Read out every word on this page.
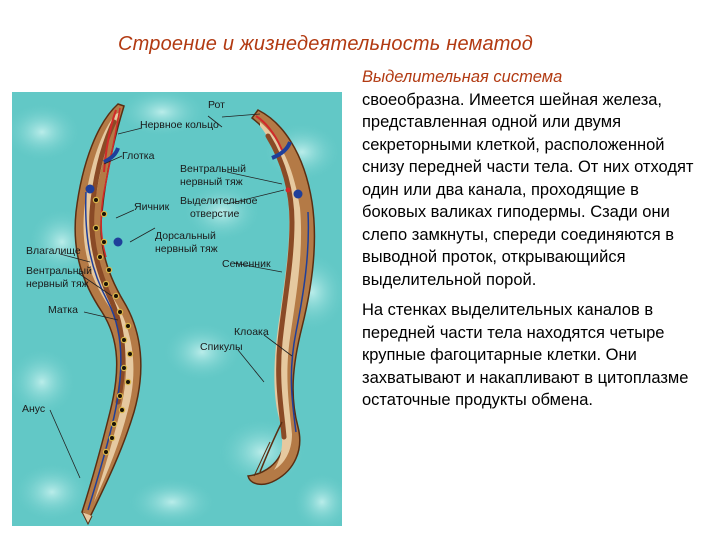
Строение и жизнедеятельность нематод
Рот
Нервное кольцо
Глотка
Вентральный
нервный тяж
Яичник Выделительное
отверстие
Дорсальный
нервный тяж
Влагалище
Семенник
Вентральный
нервный тяж
Матка
Клоака
Спикулы
Анус

Выделительная система
своеобразна. Имеется шейная железа, представленная одной или двумя секреторными клеткой, расположенной снизу передней части тела. От них отходят один или два канала, проходящие в боковых валиках гиподермы. Сзади они слепо замкнуты, спереди соединяются в выводной проток, открывающийся выделительной порой.

На стенках выделительных каналов в передней части тела находятся четыре крупные фагоцитарные клетки. Они захватывают и накапливают в цитоплазме остаточные продукты обмена.
